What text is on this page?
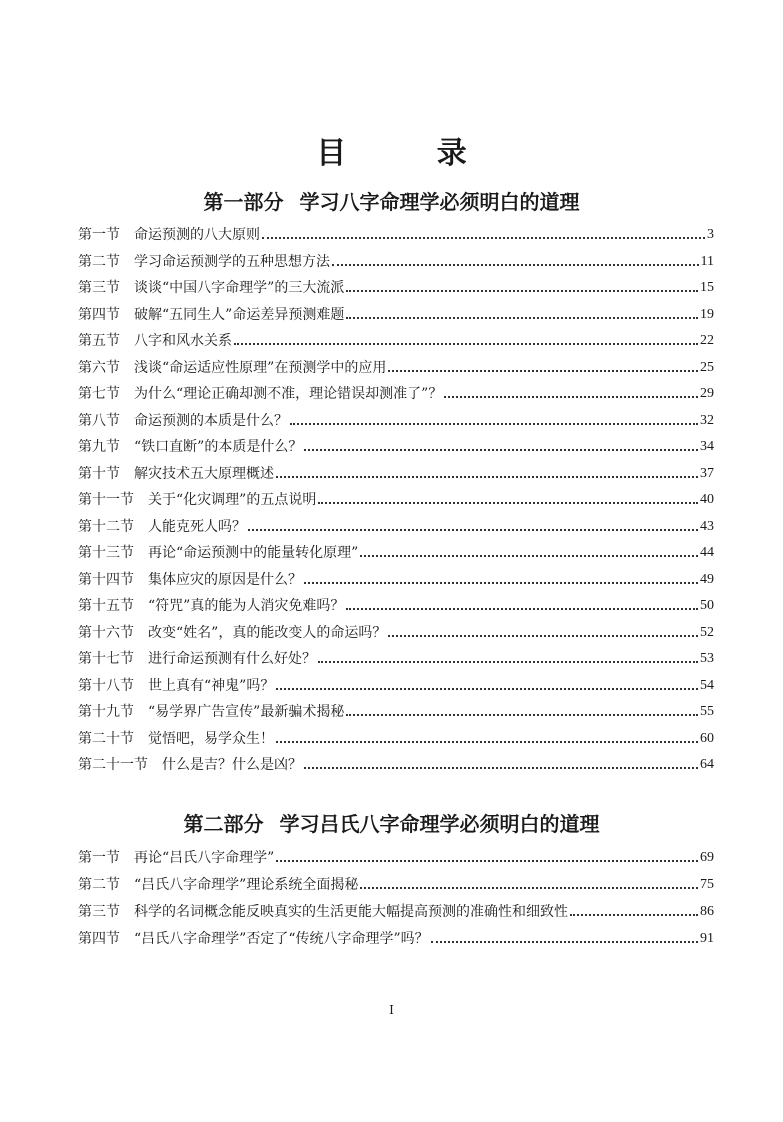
目 录
第一部分 学习八字命理学必须明白的道理
第一节 命运预测的八大原则	3
第二节 学习命运预测学的五种思想方法	11
第三节 谈谈“中国八字命理学”的三大流派	15
第四节 破解“五同生人”命运差异预测难题	19
第五节 八字和风水关系	22
第六节 浅谈“命运适应性原理”在预测学中的应用	25
第七节 为什么“理论正确却测不准，理论错误却测准了”？	29
第八节 命运预测的本质是什么？	32
第九节 “铁口直断”的本质是什么？	34
第十节 解灾技术五大原理概述	37
第十一节 关于“化灾调理”的五点说明	40
第十二节 人能克死人吗？	43
第十三节 再论“命运预测中的能量转化原理”	44
第十四节 集体应灾的原因是什么？	49
第十五节 “符咒”真的能为人消灾免难吗？	50
第十六节 改变“姓名”，真的能改变人的命运吗？	52
第十七节 进行命运预测有什么好处？	53
第十八节 世上真有“神鬼”吗？	54
第十九节 “易学界广告宣传”最新骗术揭秘	55
第二十节 觉悟吧，易学众生！	60
第二十一节 什么是吉？什么是凶？	64
第二部分 学习吕氏八字命理学必须明白的道理
第一节 再论“吕氏八字命理学”	69
第二节 “吕氏八字命理学”理论系统全面揭秘	75
第三节 科学的名词概念能反映真实的生活更能大幅提高预测的准确性和细致性	86
第四节 “吕氏八字命理学”否定了“传统八字命理学”吗？	91
I
